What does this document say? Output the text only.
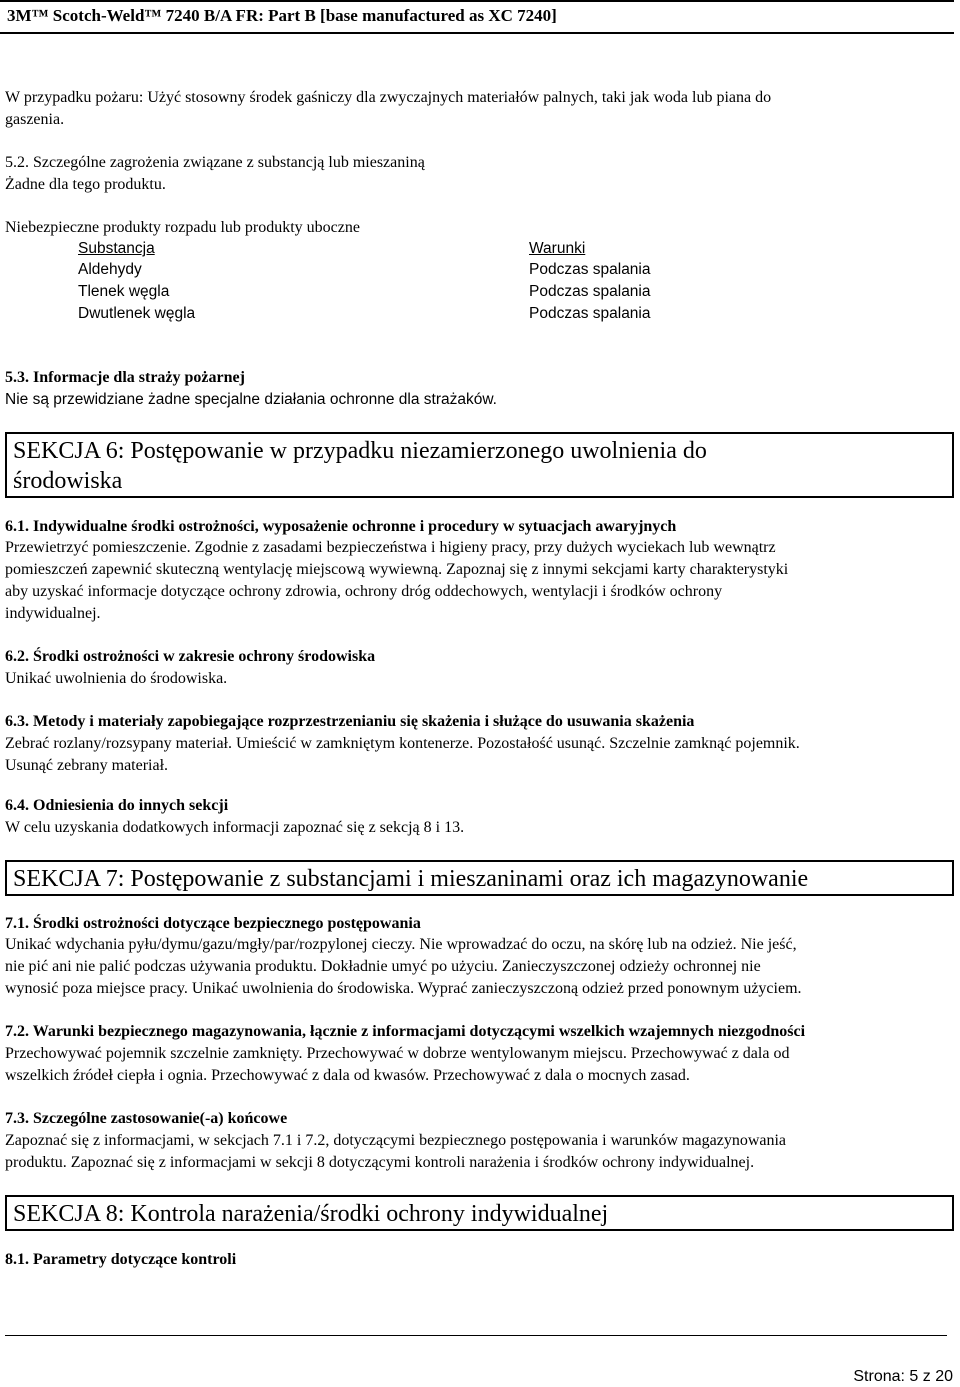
3M™ Scotch-Weld™ 7240 B/A FR: Part B [base manufactured as XC 7240]
W przypadku pożaru: Użyć stosowny środek gaśniczy dla zwyczajnych materiałów palnych, taki jak woda lub piana do
gaszenia.
5.2. Szczególne zagrożenia związane z substancją lub mieszaniną
Żadne dla tego produktu.
Niebezpieczne produkty rozpadu lub produkty uboczne
Substancja	Warunki
Aldehydy	Podczas spalania
Tlenek węgla	Podczas spalania
Dwutlenek węgla	Podczas spalania
5.3. Informacje dla straży pożarnej
Nie są przewidziane żadne specjalne działania ochronne dla strażaków.
SEKCJA 6: Postępowanie w przypadku niezamierzonego uwolnienia do
środowiska
6.1. Indywidualne środki ostrożności, wyposażenie ochronne i procedury w sytuacjach awaryjnych
Przewietrzyć pomieszczenie. Zgodnie z zasadami bezpieczeństwa i higieny pracy, przy dużych wyciekach lub wewnątrz
pomieszczeń zapewnić skuteczną wentylację miejscową wywiewną. Zapoznaj się z innymi sekcjami karty charakterystyki
aby uzyskać informacje dotyczące ochrony zdrowia, ochrony dróg oddechowych, wentylacji i środków ochrony
indywidualnej.
6.2. Środki ostrożności w zakresie ochrony środowiska
Unikać uwolnienia do środowiska.
6.3. Metody i materiały zapobiegające rozprzestrzenianiu się skażenia i służące do usuwania skażenia
Zebrać rozlany/rozsypany materiał. Umieścić w zamkniętym kontenerze. Pozostałość usunąć. Szczelnie zamknąć pojemnik.
Usunąć zebrany materiał.
6.4. Odniesienia do innych sekcji
W celu uzyskania dodatkowych informacji zapoznać się z sekcją 8 i 13.
SEKCJA 7: Postępowanie z substancjami i mieszaninami oraz ich magazynowanie
7.1. Środki ostrożności dotyczące bezpiecznego postępowania
Unikać wdychania pyłu/dymu/gazu/mgły/par/rozpylonej cieczy. Nie wprowadzać do oczu, na skórę lub na odzież. Nie jeść,
nie pić ani nie palić podczas używania produktu. Dokładnie umyć po użyciu. Zanieczyszczonej odzieży ochronnej nie
wynosić poza miejsce pracy. Unikać uwolnienia do środowiska. Wyprać zanieczyszczoną odzież przed ponownym użyciem.
7.2. Warunki bezpiecznego magazynowania, łącznie z informacjami dotyczącymi wszelkich wzajemnych niezgodności
Przechowywać pojemnik szczelnie zamknięty. Przechowywać w dobrze wentylowanym miejscu. Przechowywać z dala od
wszelkich źródeł ciepła i ognia. Przechowywać z dala od kwasów. Przechowywać z dala o mocnych zasad.
7.3. Szczególne zastosowanie(-a) końcowe
Zapoznać się z informacjami, w sekcjach 7.1 i 7.2, dotyczącymi bezpiecznego postępowania i warunków magazynowania
produktu. Zapoznać się z informacjami w sekcji 8 dotyczącymi kontroli narażenia i środków ochrony indywidualnej.
SEKCJA 8: Kontrola narażenia/środki ochrony indywidualnej
8.1. Parametry dotyczące kontroli
Strona: 5 z 20
